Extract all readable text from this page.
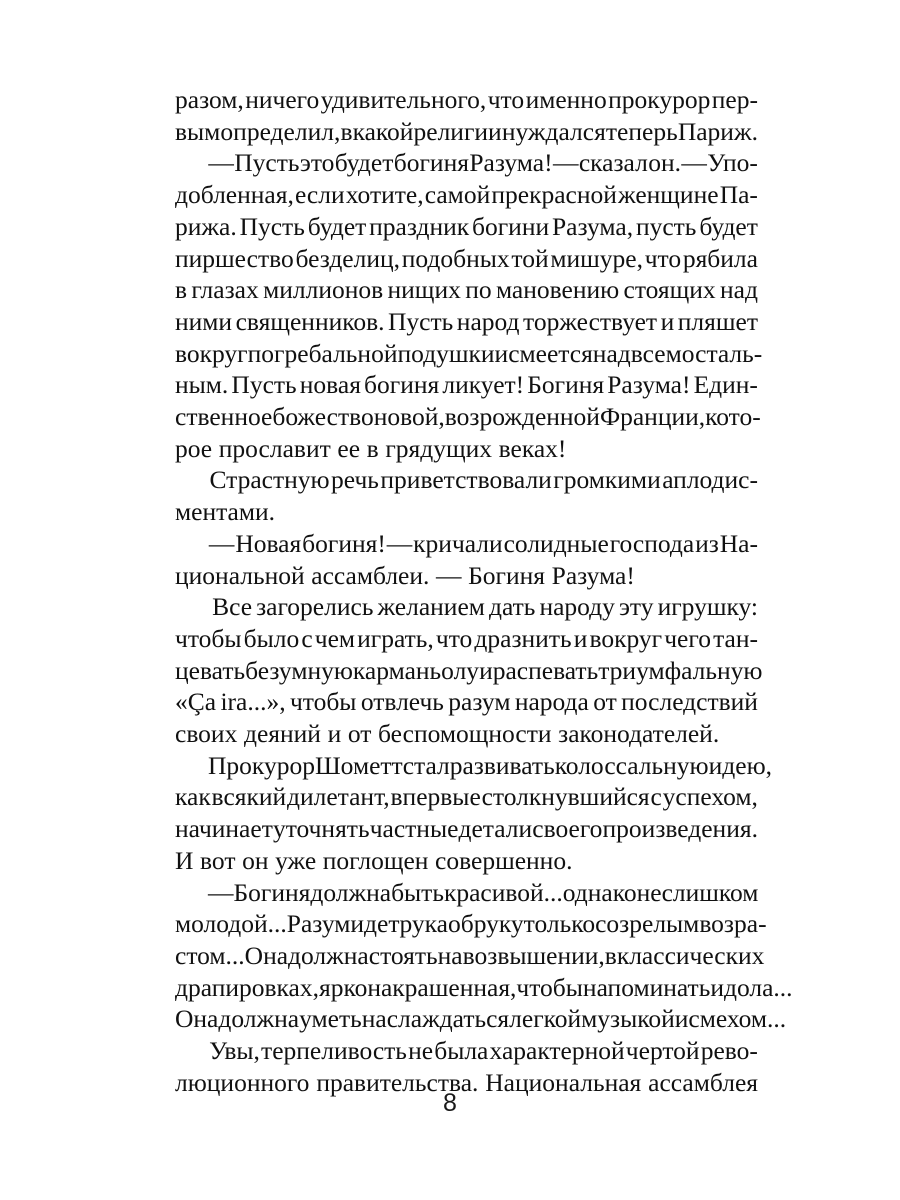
разом, ничего удивительного, что именно прокурор пер-
вым определил, в какой религии нуждался теперь Париж.

— Пусть это будет богиня Разума! — сказал он. — Упо-
добленная, если хотите, самой прекрасной женщине Па-
рижа. Пусть будет праздник богини Разума, пусть будет
пиршество безделиц, подобных той мишуре, что рябила
в глазах миллионов нищих по мановению стоящих над
ними священников. Пусть народ торжествует и пляшет
вокруг погребальной подушки и смеется над всем осталь-
ным. Пусть новая богиня ликует! Богиня Разума! Един-
ственное божество новой, возрожденной Франции, кото-
рое прославит ее в грядущих веках!

Страстную речь приветствовали громкими аплодис-
ментами.

— Новая богиня! — кричали солидные господа из На-
циональной ассамблеи. — Богиня Разума!

Все загорелись желанием дать народу эту игрушку:
чтобы было с чем играть, что дразнить и вокруг чего тан-
цевать безумную карманьолу и распевать триумфальную
«Ça ira...», чтобы отвлечь разум народа от последствий
своих деяний и от беспомощности законодателей.

Прокурор Шометт стал развивать колоссальную идею,
как всякий дилетант, впервые столкнувшийся с успехом,
начинает уточнять частные детали своего произведения.
И вот он уже поглощен совершенно.

— Богиня должна быть красивой... однако не слишком
молодой... Разум идет рука об руку только со зрелым возра-
стом... Она должна стоять на возвышении, в классических
драпировках, ярко накрашенная, чтобы напоминать идола...
Она должна уметь наслаждаться легкой музыкой и смехом...

Увы, терпеливость не была характерной чертой рево-
люционного правительства. Национальная ассамблея

8
